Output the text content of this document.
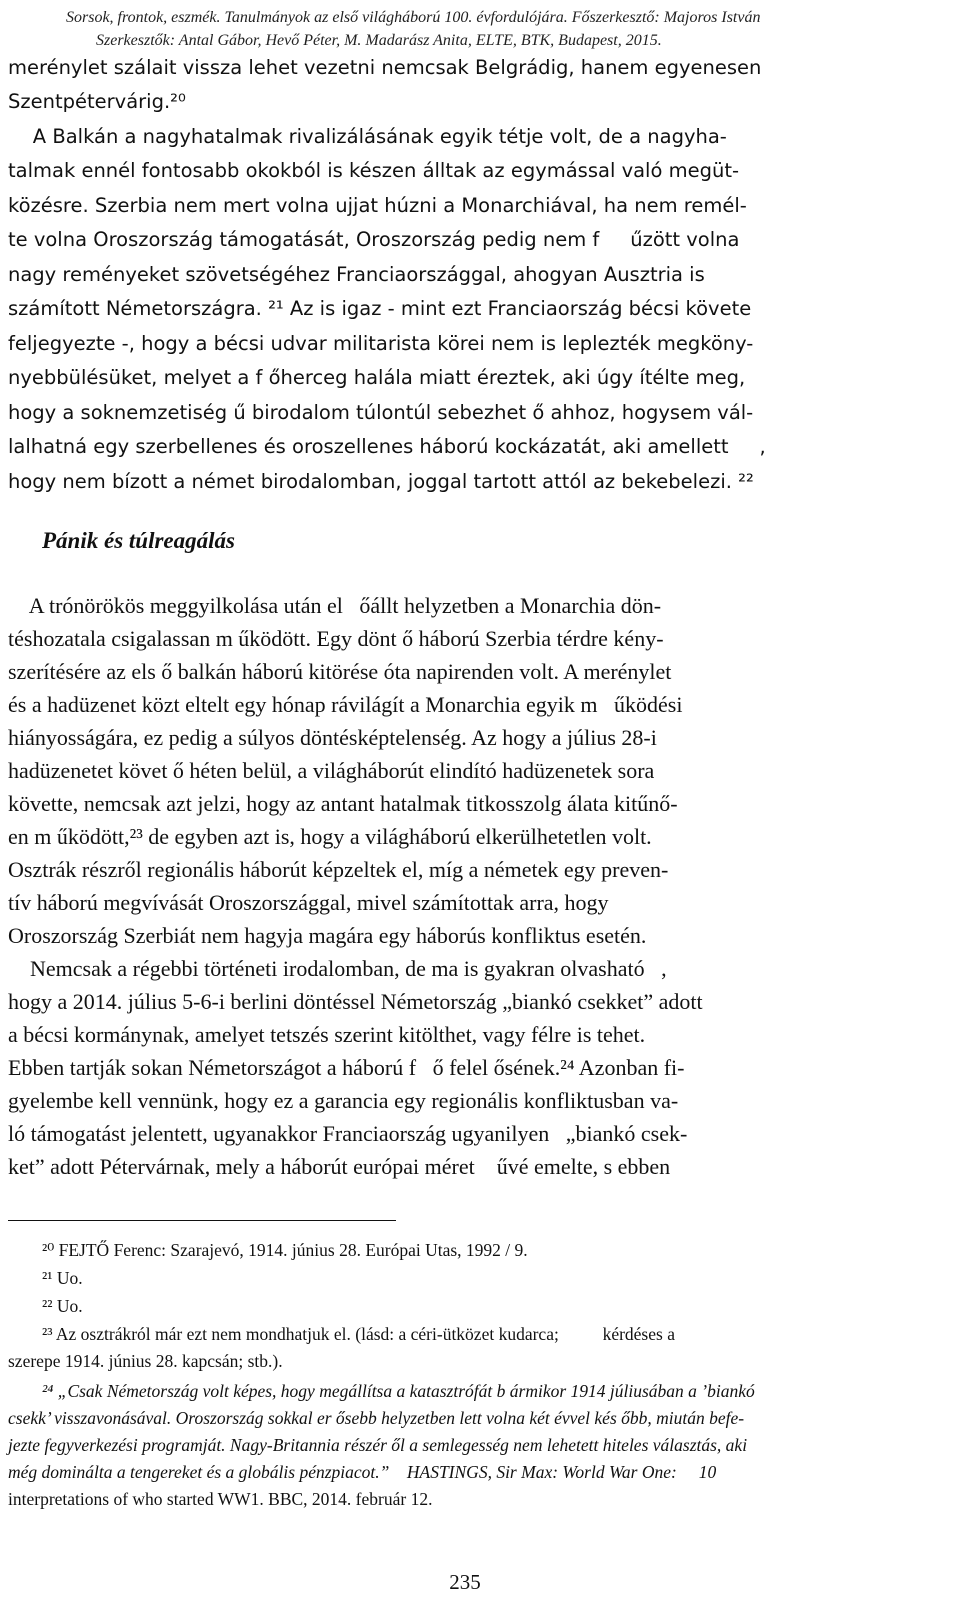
Sorsok, frontok, eszmék. Tanulmányok az első világháború 100. évfordulójára. Főszerkesztő: Majoros István
Szerkesztők: Antal Gábor, Hevő Péter, M. Madarász Anita, ELTE, BTK, Budapest, 2015.
merénylet szálait vissza lehet vezetni nemcsak Belgrádig, hanem egyenesen
Szentpétervárig.²⁰
A Balkán a nagyhatalmak rivalizálásának egyik tétje volt, de a nagyha-
talmak ennél fontosabb okokból is készen álltak az egymással való megüt-
közésre. Szerbia nem mert volna ujjat húzni a Monarchiával, ha nem remél-
te volna Oroszország támogatását, Oroszország pedig nem f     űzött volna
nagy reményeket szövetségéhez Franciaországgal, ahogyan Ausztria is
számított Németországra. ²¹ Az is igaz - mint ezt Franciaország bécsi követe
feljegyezte -, hogy a bécsi udvar militarista körei nem is leplezték megköny-
nyebbülésüket, melyet a f őherceg halála miatt éreztek, aki úgy ítélte meg,
hogy a soknemzetiség ű birodalom túlontúl sebezhet ő ahhoz, hogysem vál-
lalhatná egy szerbellenes és oroszellenes háború kockázatát, aki amellett     ,
hogy nem bízott a német birodalomban, joggal tartott attól az bekebelezi. ²²
Pánik és túlreagálás
A trónörökös meggyilkolása után el   őállt helyzetben a Monarchia dön-
téshozatala csigalassan m űködött. Egy dönt ő háború Szerbia térdre kény-
szerítésére az els ő balkán háború kitörése óta napirenden volt. A merénylet
és a hadüzenet közt eltelt egy hónap rávilágít a Monarchia egyik m   űködési
hiányosságára, ez pedig a súlyos döntésképtelenség. Az hogy a július 28-i
hadüzenetet követ ő héten belül, a világháborút elindító hadüzenetek sora
követte, nemcsak azt jelzi, hogy az antant hatalmak titkosszolg álata kitűnő-
en m űködött,²³ de egyben azt is, hogy a világháború elkerülhetetlen volt.
Osztrák részről regionális háborút képzeltek el, míg a németek egy preven-
tív háború megvívását Oroszországgal, mivel számítottak arra, hogy
Oroszország Szerbiát nem hagyja magára egy háborús konfliktus esetén.
Nemcsak a régebbi történeti irodalomban, de ma is gyakran olvasható   ,
hogy a 2014. július 5-6-i berlini döntéssel Németország „biankó csekket” adott
a bécsi kormánynak, amelyet tetszés szerint kitölthet, vagy félre is tehet.
Ebben tartják sokan Németországot a háború f   ő felel ősének.²⁴ Azonban fi-
gyelembe kell vennünk, hogy ez a garancia egy regionális konfliktusban va-
ló támogatást jelentett, ugyanakkor Franciaország ugyanilyen   „biankó csek-
ket” adott Pétervárnak, mely a háborút európai méret    űvé emelte, s ebben
²⁰ FEJTŐ Ferenc: Szarajevó, 1914. június 28. Európai Utas, 1992 / 9.
²¹ Uo.
²² Uo.
²³ Az osztrákról már ezt nem mondhatjuk el. (lásd: a céri-ütközet kudarca;          kérdéses a
szerepe 1914. június 28. kapcsán; stb.).
²⁴ „Csak Németország volt képes, hogy megállítsa a katasztrófát b ármikor 1914 júliusában a ’biankó
csekk’ visszavonásával. Oroszország sokkal er ősebb helyzetben lett volna két évvel kés őbb, miután befe-
jezte fegyverkezési programját. Nagy-Britannia részér ől a semlegesség nem lehetett hiteles választás, aki
még dominálta a tengereket és a globális pénzpiacot.”    HASTINGS, Sir Max: World War One:     10
interpretations of who started WW1. BBC, 2014. február 12.
235
